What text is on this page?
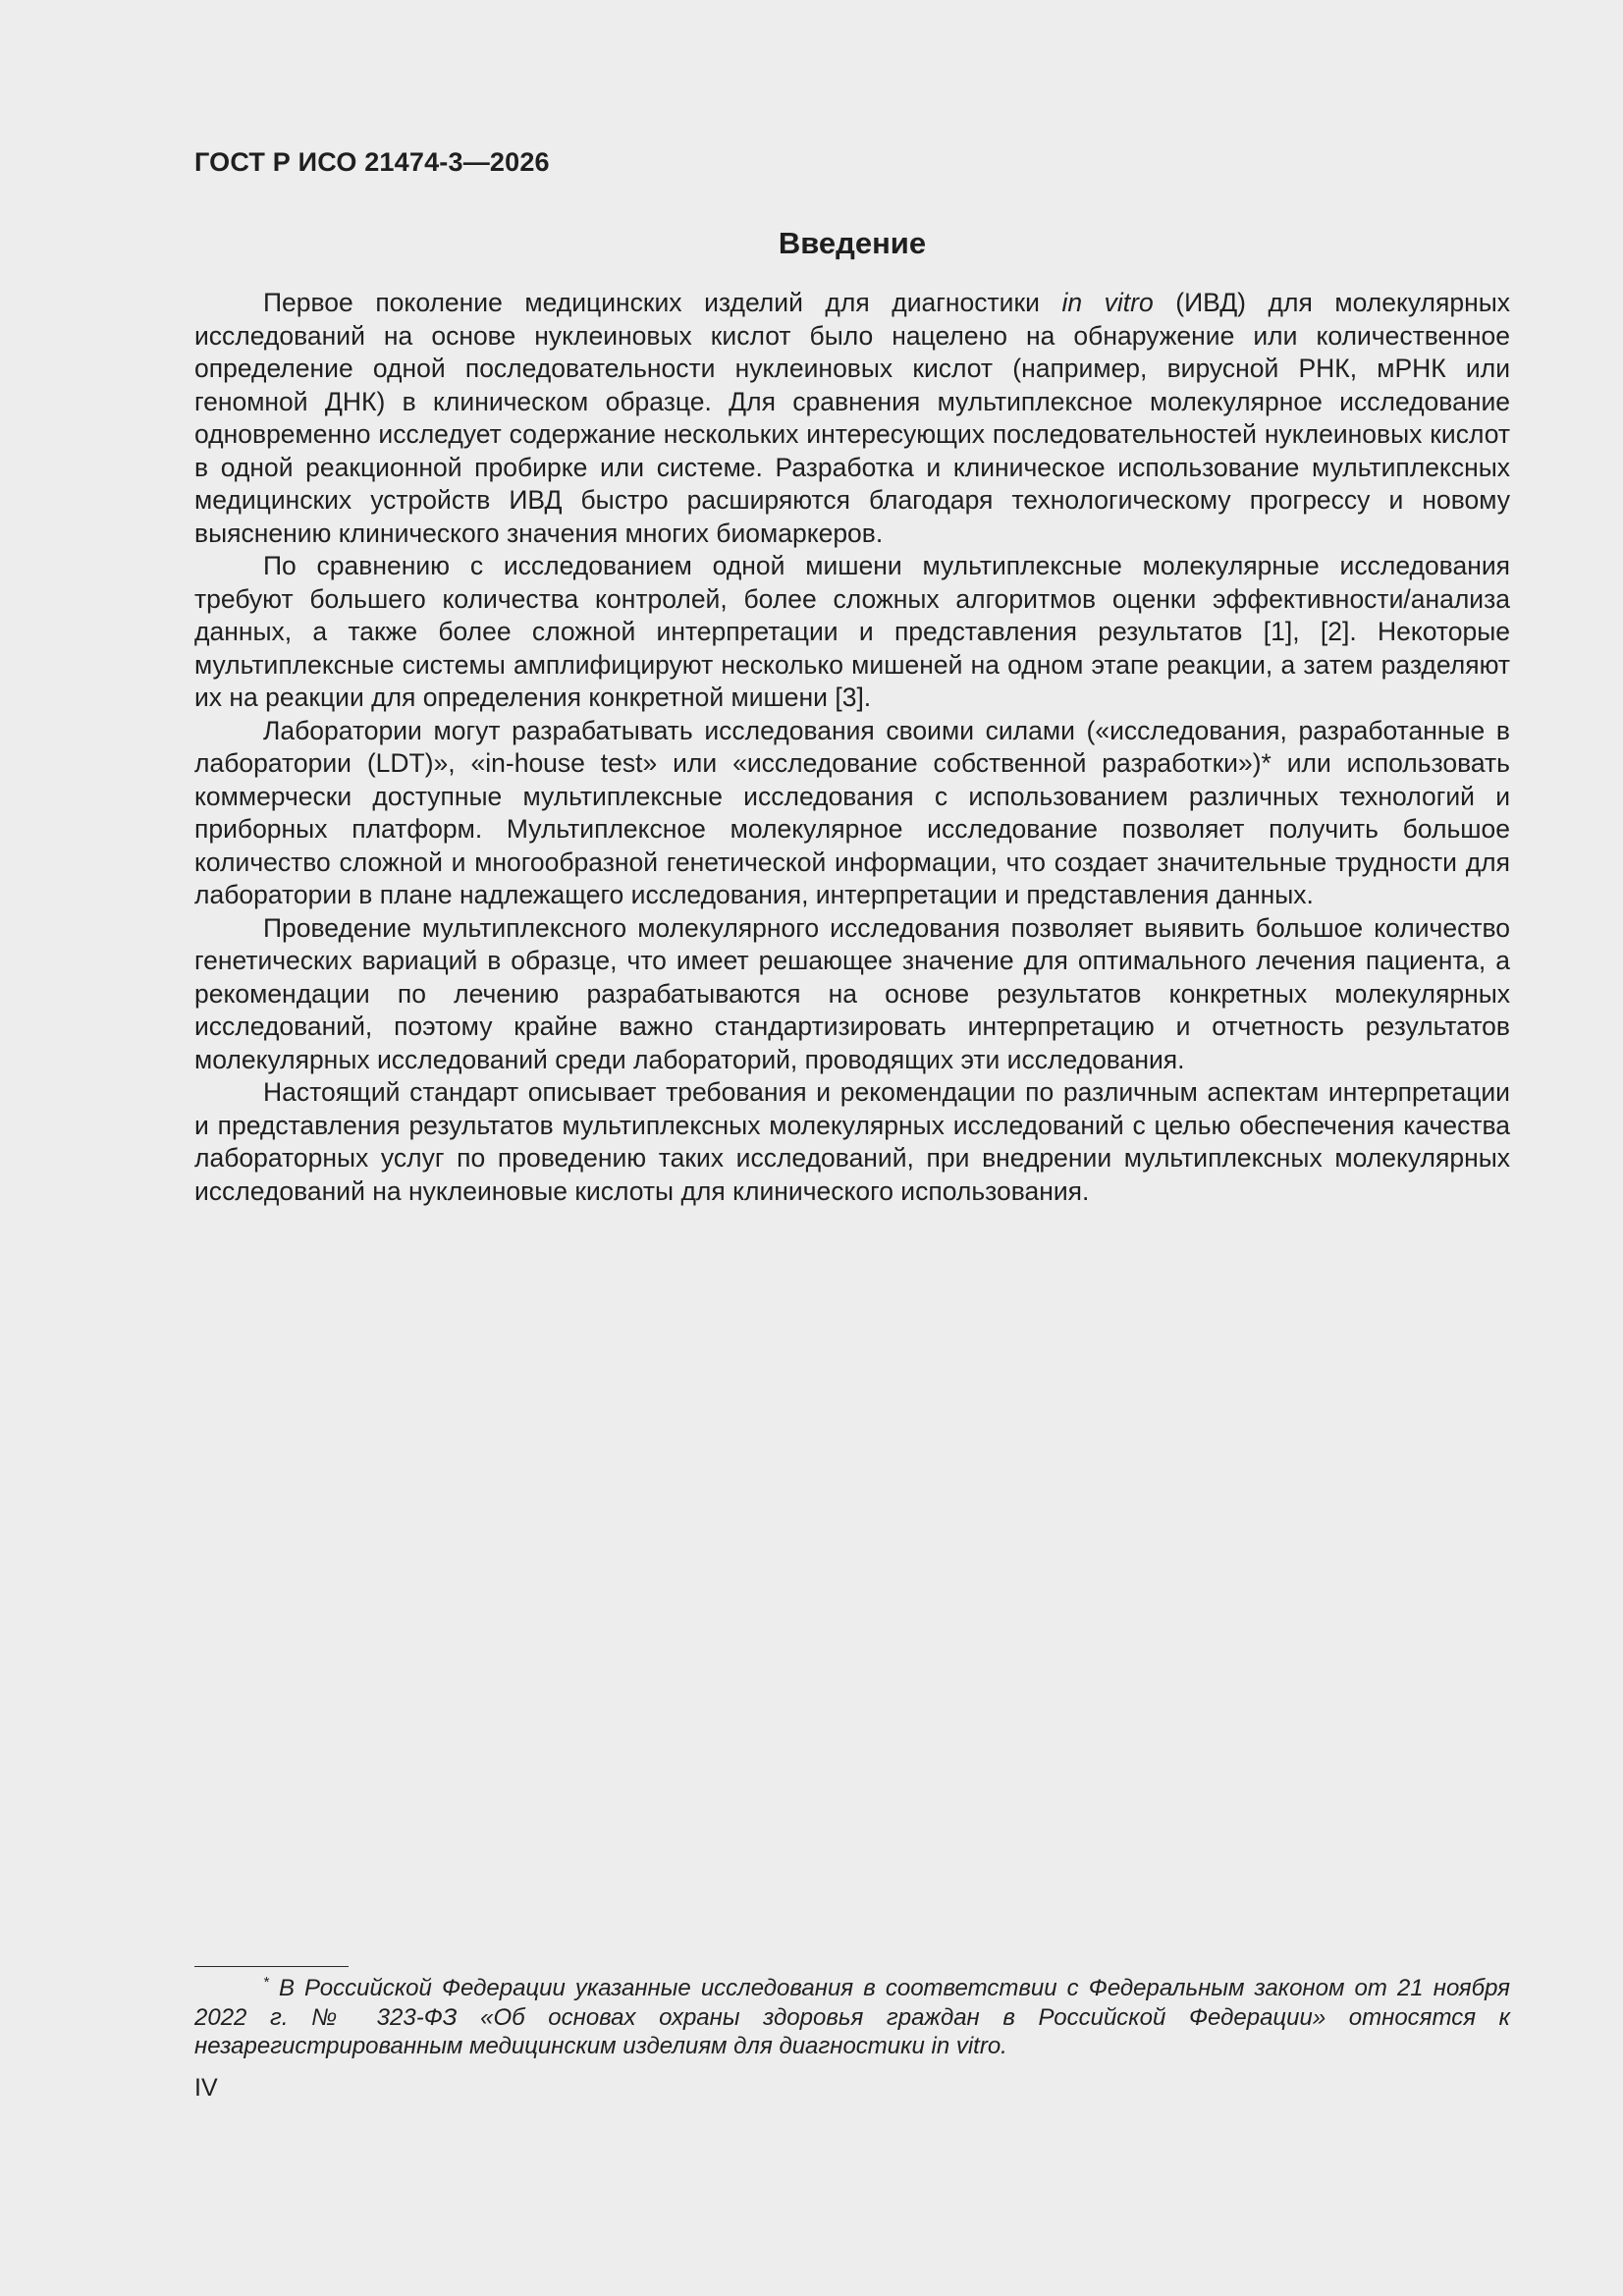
ГОСТ Р ИСО 21474-3—2026

Введение

Первое поколение медицинских изделий для диагностики in vitro (ИВД) для молекулярных исследований на основе нуклеиновых кислот было нацелено на обнаружение или количественное определение одной последовательности нуклеиновых кислот (например, вирусной РНК, мРНК или геномной ДНК) в клиническом образце. Для сравнения мультиплексное молекулярное исследование одновременно исследует содержание нескольких интересующих последовательностей нуклеиновых кислот в одной реакционной пробирке или системе. Разработка и клиническое использование мультиплексных медицинских устройств ИВД быстро расширяются благодаря технологическому прогрессу и новому выяснению клинического значения многих биомаркеров.

По сравнению с исследованием одной мишени мультиплексные молекулярные исследования требуют большего количества контролей, более сложных алгоритмов оценки эффективности/анализа данных, а также более сложной интерпретации и представления результатов [1], [2]. Некоторые мультиплексные системы амплифицируют несколько мишеней на одном этапе реакции, а затем разделяют их на реакции для определения конкретной мишени [3].

Лаборатории могут разрабатывать исследования своими силами («исследования, разработанные в лаборатории (LDT)», «in-house test» или «исследование собственной разработки»)* или использовать коммерчески доступные мультиплексные исследования с использованием различных технологий и приборных платформ. Мультиплексное молекулярное исследование позволяет получить большое количество сложной и многообразной генетической информации, что создает значительные трудности для лаборатории в плане надлежащего исследования, интерпретации и представления данных.

Проведение мультиплексного молекулярного исследования позволяет выявить большое количество генетических вариаций в образце, что имеет решающее значение для оптимального лечения пациента, а рекомендации по лечению разрабатываются на основе результатов конкретных молекулярных исследований, поэтому крайне важно стандартизировать интерпретацию и отчетность результатов молекулярных исследований среди лабораторий, проводящих эти исследования.

Настоящий стандарт описывает требования и рекомендации по различным аспектам интерпретации и представления результатов мультиплексных молекулярных исследований с целью обеспечения качества лабораторных услуг по проведению таких исследований, при внедрении мультиплексных молекулярных исследований на нуклеиновые кислоты для клинического использования.

* В Российской Федерации указанные исследования в соответствии с Федеральным законом от 21 ноября 2022 г. № 323-ФЗ «Об основах охраны здоровья граждан в Российской Федерации» относятся к незарегистрированным медицинским изделиям для диагностики in vitro.

IV
